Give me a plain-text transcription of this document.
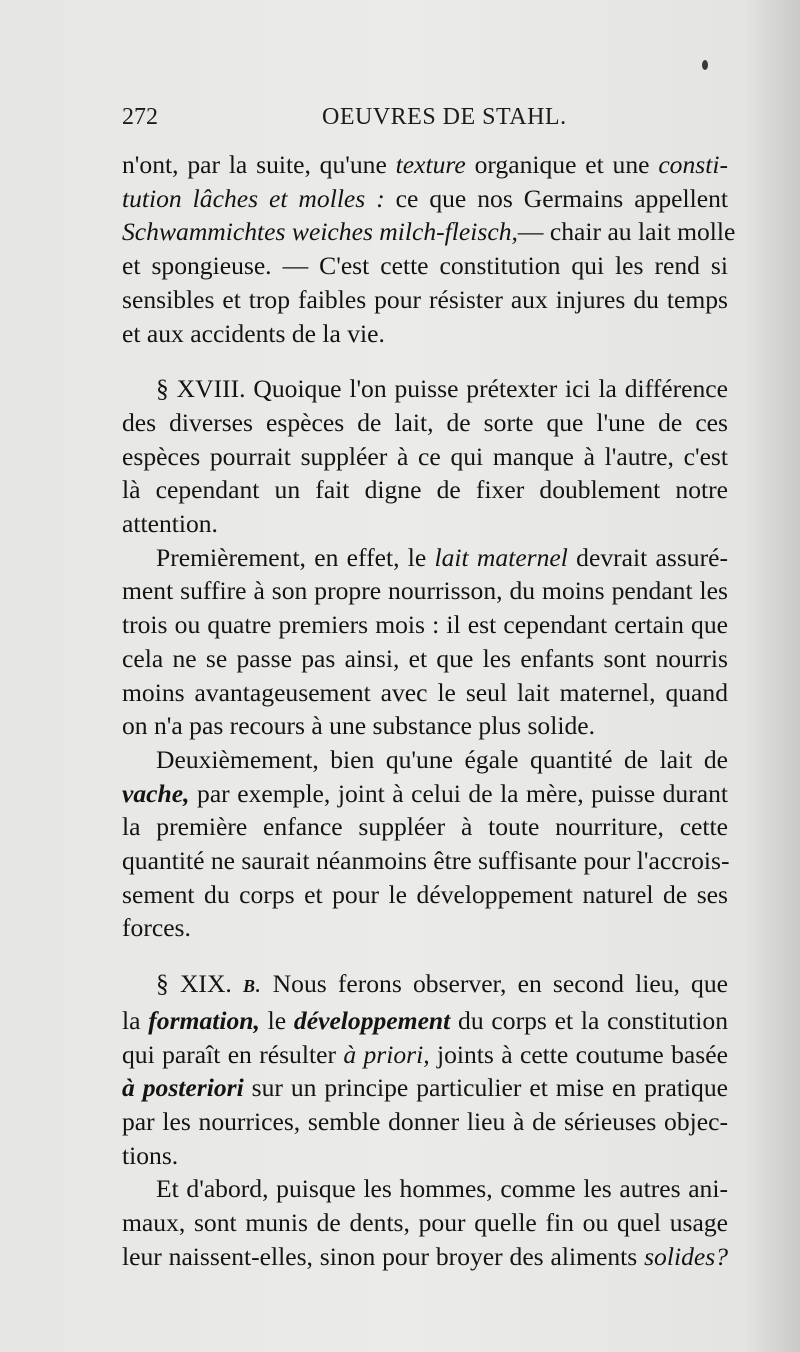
272	OEUVRES DE STAHL.
n'ont, par la suite, qu'une texture organique et une consti-
tution lâches et molles : ce que nos Germains appellent
Schwammichtes weiches milch-fleisch,— chair au lait molle
et spongieuse. — C'est cette constitution qui les rend si
sensibles et trop faibles pour résister aux injures du temps
et aux accidents de la vie.
§ XVIII. Quoique l'on puisse prétexter ici la différence
des diverses espèces de lait, de sorte que l'une de ces
espèces pourrait suppléer à ce qui manque à l'autre, c'est
là cependant un fait digne de fixer doublement notre
attention.
Premièrement, en effet, le lait maternel devrait assuré-
ment suffire à son propre nourrisson, du moins pendant les
trois ou quatre premiers mois : il est cependant certain que
cela ne se passe pas ainsi, et que les enfants sont nourris
moins avantageusement avec le seul lait maternel, quand
on n'a pas recours à une substance plus solide.
Deuxièmement, bien qu'une égale quantité de lait de
vache, par exemple, joint à celui de la mère, puisse durant
la première enfance suppléer à toute nourriture, cette
quantité ne saurait néanmoins être suffisante pour l'accrois-
sement du corps et pour le développement naturel de ses
forces.
§ XIX. B. Nous ferons observer, en second lieu, que
la formation, le développement du corps et la constitution
qui paraît en résulter à priori, joints à cette coutume basée
à posteriori sur un principe particulier et mise en pratique
par les nourrices, semble donner lieu à de sérieuses objec-
tions.
Et d'abord, puisque les hommes, comme les autres ani-
maux, sont munis de dents, pour quelle fin ou quel usage
leur naissent-elles, sinon pour broyer des aliments solides?
